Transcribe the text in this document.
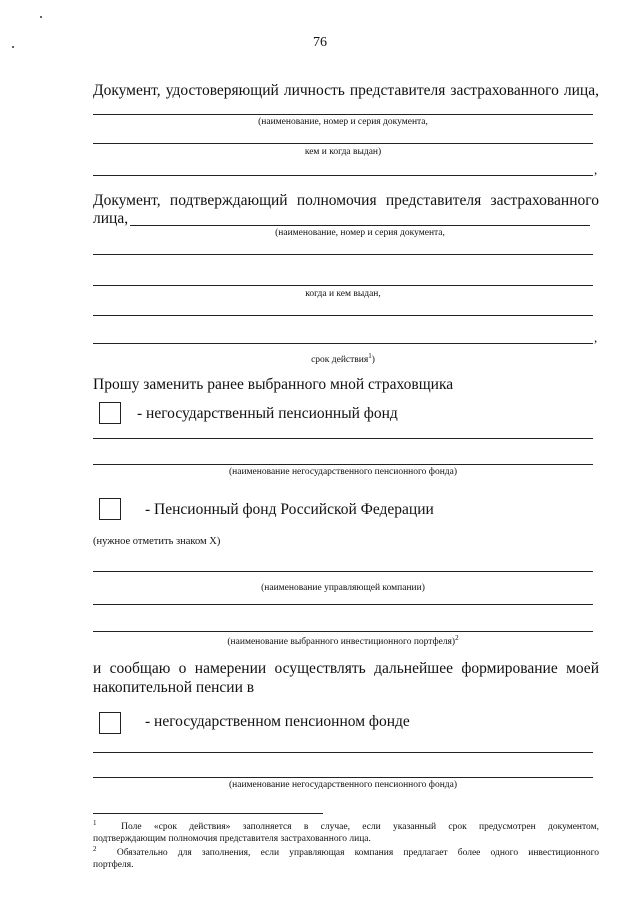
76
Документ, удостоверяющий личность представителя застрахованного лица,
(наименование, номер и серия документа,
кем и когда выдан)
,
Документ, подтверждающий полномочия представителя застрахованного
лица,
(наименование, номер и серия документа,
когда и кем выдан,
,
срок действия$^1$)
Прошу заменить ранее выбранного мной страховщика
- негосударственный пенсионный фонд
(наименование негосударственного пенсионного фонда)
- Пенсионный фонд Российской Федерации
(нужное отметить знаком X)
(наименование управляющей компании)
(наименование выбранного инвестиционного портфеля)$^2$
и сообщаю о намерении осуществлять дальнейшее формирование моей
накопительной пенсии в
- негосударственном пенсионном фонде
(наименование негосударственного пенсионного фонда)
$^1$	Поле «срок действия» заполняется в случае, если указанный срок предусмотрен документом,
подтверждающим полномочия представителя застрахованного лица.
$^2$ Обязательно для заполнения, если управляющая компания предлагает более одного инвестиционного
портфеля.
